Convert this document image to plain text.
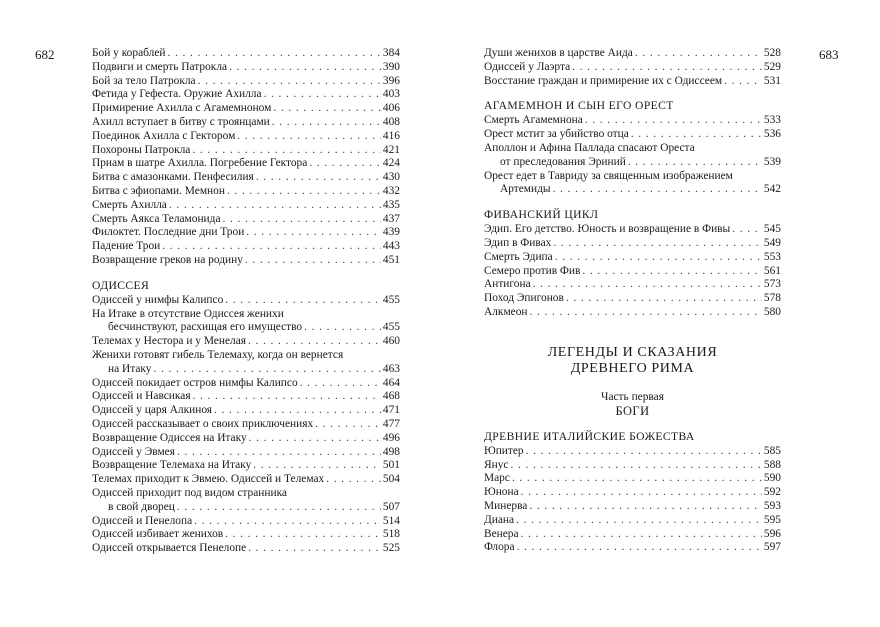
682	683
Бой у кораблей . . .	384
Подвиги и смерть Патрокла . . .	390
Бой за тело Патрокла . . .	396
Фетида у Гефеста. Оружие Ахилла . . .	403
Примирение Ахилла с Агамемноном . . .	406
Ахилл вступает в битву с троянцами . . .	408
Поединок Ахилла с Гектором . . .	416
Похороны Патрокла . . .	421
Приам в шатре Ахилла. Погребение Гектора . . .	424
Битва с амазонками. Пенфесилия . . .	430
Битва с эфиопами. Мемнон . . .	432
Смерть Ахилла . . .	435
Смерть Аякса Теламонида . . .	437
Филоктет. Последние дни Трои . . .	439
Падение Трои . . .	443
Возвращение греков на родину . . .	451
ОДИССЕЯ
Одиссей у нимфы Калипсо . . .	455
На Итаке в отсутствие Одиссея женихи
бесчинствуют, расхищая его имущество . . .	455
Телемах у Нестора и у Менелая . . .	460
Женихи готовят гибель Телемаху, когда он вернется
на Итаку . . .	463
Одиссей покидает остров нимфы Калипсо . . .	464
Одиссей и Навсикая . . .	468
Одиссей у царя Алкиноя . . .	471
Одиссей рассказывает о своих приключениях . . .	477
Возвращение Одиссея на Итаку . . .	496
Одиссей у Эвмея . . .	498
Возвращение Телемаха на Итаку . . .	501
Телемах приходит к Эвмею. Одиссей и Телемах . . .	504
Одиссей приходит под видом странника
в свой дворец . . .	507
Одиссей и Пенелопа . . .	514
Одиссей избивает женихов . . .	518
Одиссей открывается Пенелопе . . .	525
Души женихов в царстве Аида . . .	528
Одиссей у Лаэрта . . .	529
Восстание граждан и примирение их с Одиссеем . . .	531
АГАМЕМНОН И СЫН ЕГО ОРЕСТ
Смерть Агамемнона . . .	533
Орест мстит за убийство отца . . .	536
Аполлон и Афина Паллада спасают Ореста
от преследования Эриний . . .	539
Орест едет в Тавриду за священным изображением
Артемиды . . .	542
ФИВАНСКИЙ ЦИКЛ
Эдип. Его детство. Юность и возвращение в Фивы . . .	545
Эдип в Фивах . . .	549
Смерть Эдипа . . .	553
Семеро против Фив . . .	561
Антигона . . .	573
Поход Эпигонов . . .	578
Алкмеон . . .	580
ЛЕГЕНДЫ И СКАЗАНИЯ
ДРЕВНЕГО РИМА
Часть первая
БОГИ
ДРЕВНИЕ ИТАЛИЙСКИЕ БОЖЕСТВА
Юпитер . . .	585
Янус . . .	588
Марс . . .	590
Юнона . . .	592
Минерва . . .	593
Диана . . .	595
Венера . . .	596
Флора . . .	597
